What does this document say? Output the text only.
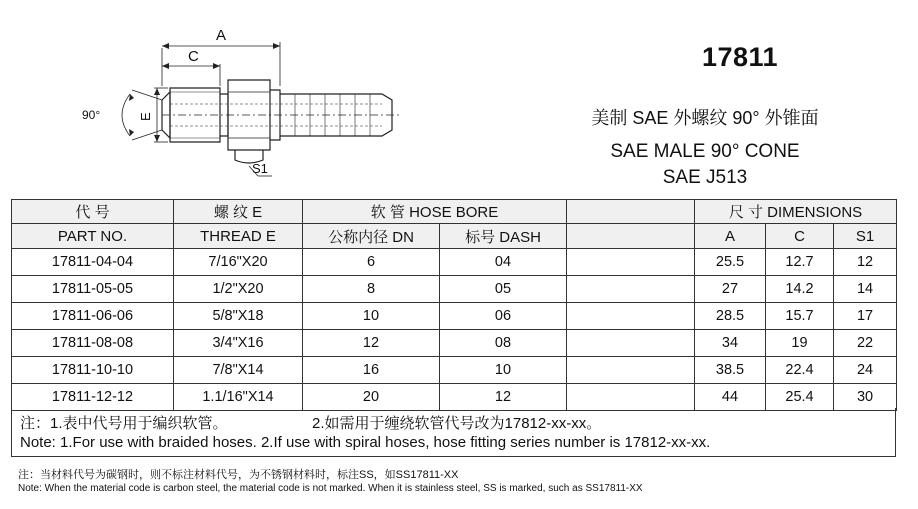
A
C
E
90°
S1
17811
美制 SAE 外螺纹 90° 外锥面
SAE MALE 90° CONE
SAE J513
代 号	螺 纹 E	软 管 HOSE BORE			尺 寸 DIMENSIONS		
PART NO.	THREAD E	公称内径 DN	标号 DASH		A	C	S1
17811-04-04	7/16"X20	6	04		25.5	12.7	12
17811-05-05	1/2"X20	8	05		27	14.2	14
17811-06-06	5/8"X18	10	06		28.5	15.7	17
17811-08-08	3/4"X16	12	08		34	19	22
17811-10-10	7/8"X14	16	10		38.5	22.4	24
17811-12-12	1.1/16"X14	20	12		44	25.4	30
注：1.表中代号用于编织软管。	2.如需用于缠绕软管代号改为17812-xx-xx。
Note: 1.For use with braided hoses. 2.If use with spiral hoses, hose fitting series number is 17812-xx-xx.
注：当材料代号为碳钢时，则不标注材料代号，为不锈钢材料时，标注SS，如SS17811-XX
Note: When the material code is carbon steel, the material code is not marked. When it is stainless steel, SS is marked, such as SS17811-XX
